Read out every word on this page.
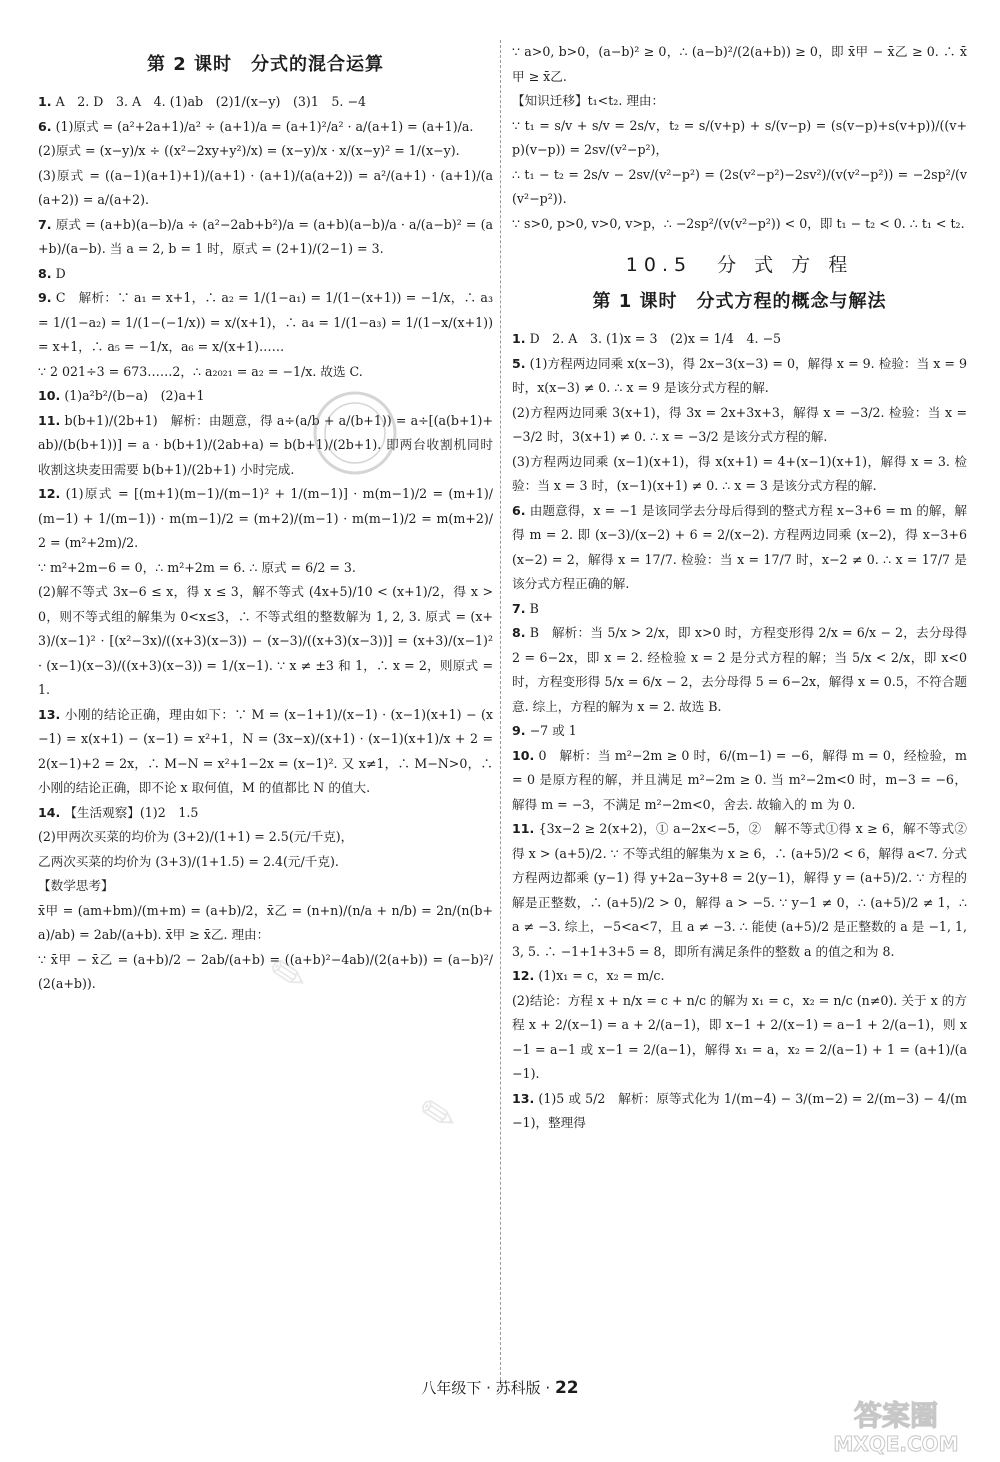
第 2 课时　分式的混合运算
1. A　2. D　3. A　4. (1)ab　(2)1/(x−y)　(3)1　5. −4
6. (1)原式 = (a²+2a+1)/a² ÷ (a+1)/a = (a+1)²/a² · a/(a+1) = (a+1)/a.
(2)原式 = (x−y)/x ÷ ((x²−2xy+y²)/x) = (x−y)/x · x/(x−y)² = 1/(x−y).
(3)原式 = ((a−1)(a+1)+1)/(a+1) · (a+1)/(a(a+2)) = a²/(a+1) · (a+1)/(a(a+2)) = a/(a+2).
7. 原式 = (a+b)(a−b)/a ÷ (a²−2ab+b²)/a = (a+b)(a−b)/a · a/(a−b)² = (a+b)/(a−b). 当 a = 2, b = 1 时，原式 = (2+1)/(2−1) = 3.
8. D
9. C　解析：∵ a₁ = x+1，∴ a₂ = 1/(1−a₁) = 1/(1−(x+1)) = −1/x，∴ a₃ = 1/(1−a₂) = 1/(1−(−1/x)) = x/(x+1)，∴ a₄ = 1/(1−a₃) = 1/(1−x/(x+1)) = x+1，∴ a₅ = −1/x，a₆ = x/(x+1)……
∵ 2 021÷3 = 673……2，∴ a₂₀₂₁ = a₂ = −1/x. 故选 C.
10. (1)a²b²/(b−a)　(2)a+1
11. b(b+1)/(2b+1)　解析：由题意，得 a÷(a/b + a/(b+1)) = a÷[(a(b+1)+ab)/(b(b+1))] = a · b(b+1)/(2ab+a) = b(b+1)/(2b+1). 即两台收割机同时收割这块麦田需要 b(b+1)/(2b+1) 小时完成.
12. (1)原式 = [(m+1)(m−1)/(m−1)² + 1/(m−1)] · m(m−1)/2 = (m+1)/(m−1) + 1/(m−1)) · m(m−1)/2 = (m+2)/(m−1) · m(m−1)/2 = m(m+2)/2 = (m²+2m)/2.
∵ m²+2m−6 = 0，∴ m²+2m = 6. ∴ 原式 = 6/2 = 3.
(2)解不等式 3x−6 ≤ x，得 x ≤ 3，解不等式 (4x+5)/10 < (x+1)/2，得 x > 0，则不等式组的解集为 0<x≤3，∴ 不等式组的整数解为 1, 2, 3. 原式 = (x+3)/(x−1)² · [(x²−3x)/((x+3)(x−3)) − (x−3)/((x+3)(x−3))] = (x+3)/(x−1)² · (x−1)(x−3)/((x+3)(x−3)) = 1/(x−1). ∵ x ≠ ±3 和 1，∴ x = 2，则原式 = 1.
13. 小刚的结论正确，理由如下：∵ M = (x−1+1)/(x−1) · (x−1)(x+1) − (x−1) = x(x+1) − (x−1) = x²+1，N = (3x−x)/(x+1) · (x−1)(x+1)/x + 2 = 2(x−1)+2 = 2x，∴ M−N = x²+1−2x = (x−1)². 又 x≠1，∴ M−N>0，∴ 小刚的结论正确，即不论 x 取何值，M 的值都比 N 的值大.
14. 【生活观察】(1)2　1.5
(2)甲两次买菜的均价为 (3+2)/(1+1) = 2.5(元/千克)，
乙两次买菜的均价为 (3+3)/(1+1.5) = 2.4(元/千克).
【数学思考】
x̄甲 = (am+bm)/(m+m) = (a+b)/2，x̄乙 = (n+n)/(n/a + n/b) = 2n/(n(b+a)/ab) = 2ab/(a+b). x̄甲 ≥ x̄乙. 理由：
∵ x̄甲 − x̄乙 = (a+b)/2 − 2ab/(a+b) = ((a+b)²−4ab)/(2(a+b)) = (a−b)²/(2(a+b)).
∵ a>0, b>0，(a−b)² ≥ 0，∴ (a−b)²/(2(a+b)) ≥ 0，即 x̄甲 − x̄乙 ≥ 0. ∴ x̄甲 ≥ x̄乙.
【知识迁移】t₁<t₂. 理由：
∵ t₁ = s/v + s/v = 2s/v，t₂ = s/(v+p) + s/(v−p) = (s(v−p)+s(v+p))/((v+p)(v−p)) = 2sv/(v²−p²)，
∴ t₁ − t₂ = 2s/v − 2sv/(v²−p²) = (2s(v²−p²)−2sv²)/(v(v²−p²)) = −2sp²/(v(v²−p²)).
∵ s>0, p>0, v>0, v>p，∴ −2sp²/(v(v²−p²)) < 0，即 t₁ − t₂ < 0. ∴ t₁ < t₂.
10.5　分 式 方 程
第 1 课时　分式方程的概念与解法
1. D　2. A　3. (1)x = 3　(2)x = 1/4　4. −5
5. (1)方程两边同乘 x(x−3)，得 2x−3(x−3) = 0，解得 x = 9. 检验：当 x = 9 时，x(x−3) ≠ 0. ∴ x = 9 是该分式方程的解.
(2)方程两边同乘 3(x+1)，得 3x = 2x+3x+3，解得 x = −3/2. 检验：当 x = −3/2 时，3(x+1) ≠ 0. ∴ x = −3/2 是该分式方程的解.
(3)方程两边同乘 (x−1)(x+1)，得 x(x+1) = 4+(x−1)(x+1)，解得 x = 3. 检验：当 x = 3 时，(x−1)(x+1) ≠ 0. ∴ x = 3 是该分式方程的解.
6. 由题意得，x = −1 是该同学去分母后得到的整式方程 x−3+6 = m 的解，解得 m = 2. 即 (x−3)/(x−2) + 6 = 2/(x−2). 方程两边同乘 (x−2)，得 x−3+6(x−2) = 2，解得 x = 17/7. 检验：当 x = 17/7 时，x−2 ≠ 0. ∴ x = 17/7 是该分式方程正确的解.
7. B
8. B　解析：当 5/x > 2/x，即 x>0 时，方程变形得 2/x = 6/x − 2，去分母得 2 = 6−2x，即 x = 2. 经检验 x = 2 是分式方程的解；当 5/x < 2/x，即 x<0 时，方程变形得 5/x = 6/x − 2，去分母得 5 = 6−2x，解得 x = 0.5，不符合题意. 综上，方程的解为 x = 2. 故选 B.
9. −7 或 1
10. 0　解析：当 m²−2m ≥ 0 时，6/(m−1) = −6，解得 m = 0，经检验，m = 0 是原方程的解，并且满足 m²−2m ≥ 0. 当 m²−2m<0 时，m−3 = −6，解得 m = −3，不满足 m²−2m<0，舍去. 故输入的 m 为 0.
11. {3x−2 ≥ 2(x+2)，① a−2x<−5，②　解不等式①得 x ≥ 6，解不等式②得 x > (a+5)/2. ∵ 不等式组的解集为 x ≥ 6，∴ (a+5)/2 < 6，解得 a<7. 分式方程两边都乘 (y−1) 得 y+2a−3y+8 = 2(y−1)，解得 y = (a+5)/2. ∵ 方程的解是正整数，∴ (a+5)/2 > 0，解得 a > −5. ∵ y−1 ≠ 0，∴ (a+5)/2 ≠ 1，∴ a ≠ −3. 综上，−5<a<7，且 a ≠ −3. ∴ 能使 (a+5)/2 是正整数的 a 是 −1, 1, 3, 5. ∴ −1+1+3+5 = 8，即所有满足条件的整数 a 的值之和为 8.
12. (1)x₁ = c，x₂ = m/c.
(2)结论：方程 x + n/x = c + n/c 的解为 x₁ = c，x₂ = n/c (n≠0). 关于 x 的方程 x + 2/(x−1) = a + 2/(a−1)，即 x−1 + 2/(x−1) = a−1 + 2/(a−1)，则 x−1 = a−1 或 x−1 = 2/(a−1)，解得 x₁ = a，x₂ = 2/(a−1) + 1 = (a+1)/(a−1).
13. (1)5 或 5/2　解析：原等式化为 1/(m−4) − 3/(m−2) = 2/(m−3) − 4/(m−1)，整理得
✎
✎
八年级下 · 苏科版 · 22
答案圈
MXQE.COM
